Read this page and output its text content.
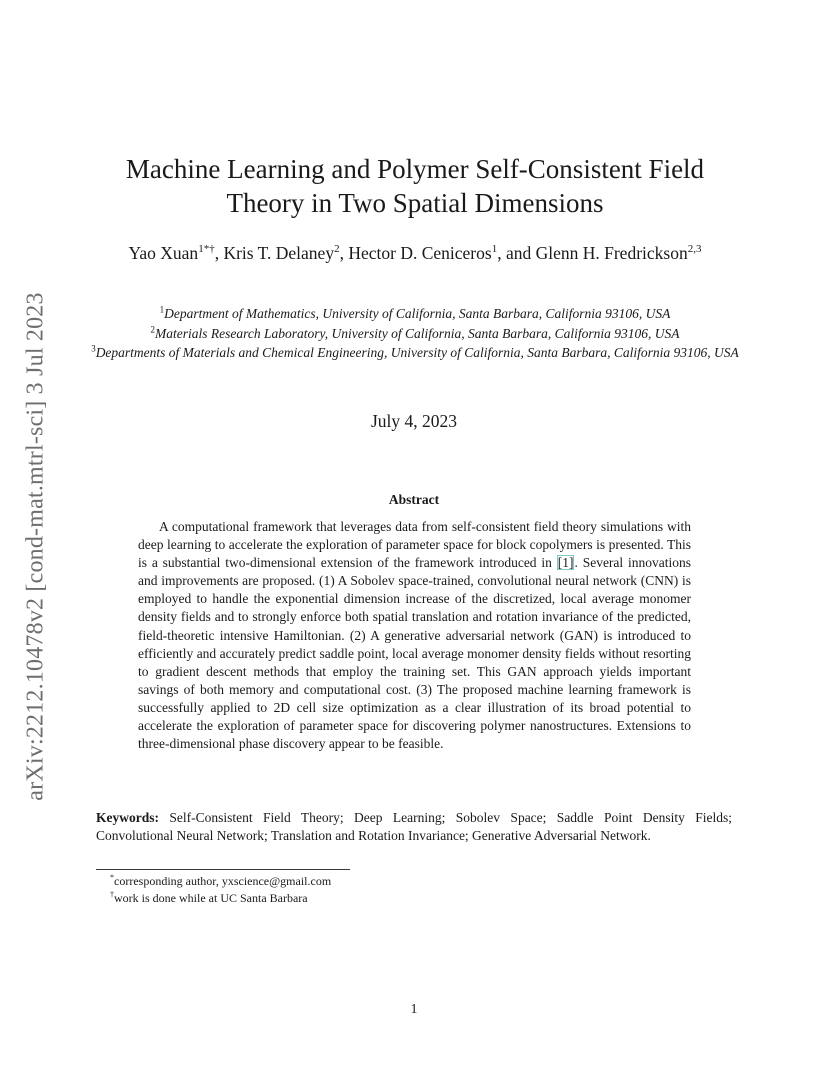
arXiv:2212.10478v2 [cond-mat.mtrl-sci] 3 Jul 2023
Machine Learning and Polymer Self-Consistent Field Theory in Two Spatial Dimensions
Yao Xuan$^{1*\dagger}$, Kris T. Delaney$^2$, Hector D. Ceniceros$^1$, and Glenn H. Fredrickson$^{2,3}$
$^1$Department of Mathematics, University of California, Santa Barbara, California 93106, USA
$^2$Materials Research Laboratory, University of California, Santa Barbara, California 93106, USA
$^3$Departments of Materials and Chemical Engineering, University of California, Santa Barbara, California 93106, USA
July 4, 2023
Abstract

A computational framework that leverages data from self-consistent field theory simulations with deep learning to accelerate the exploration of parameter space for block copolymers is presented. This is a substantial two-dimensional extension of the framework introduced in [1]. Several innovations and improvements are proposed. (1) A Sobolev space-trained, convolutional neural network (CNN) is employed to handle the exponential dimension increase of the discretized, local average monomer density fields and to strongly enforce both spatial translation and rotation invariance of the predicted, field-theoretic intensive Hamiltonian. (2) A generative adversarial network (GAN) is introduced to efficiently and accurately predict saddle point, local average monomer density fields without resorting to gradient descent methods that employ the training set. This GAN approach yields important savings of both memory and computational cost. (3) The proposed machine learning framework is successfully applied to 2D cell size optimization as a clear illustration of its broad potential to accelerate the exploration of parameter space for discovering polymer nanostructures. Extensions to three-dimensional phase discovery appear to be feasible.

Keywords: Self-Consistent Field Theory; Deep Learning; Sobolev Space; Saddle Point Density Fields; Convolutional Neural Network; Translation and Rotation Invariance; Generative Adversarial Network.

*corresponding author, yxscience@gmail.com
†work is done while at UC Santa Barbara
1
